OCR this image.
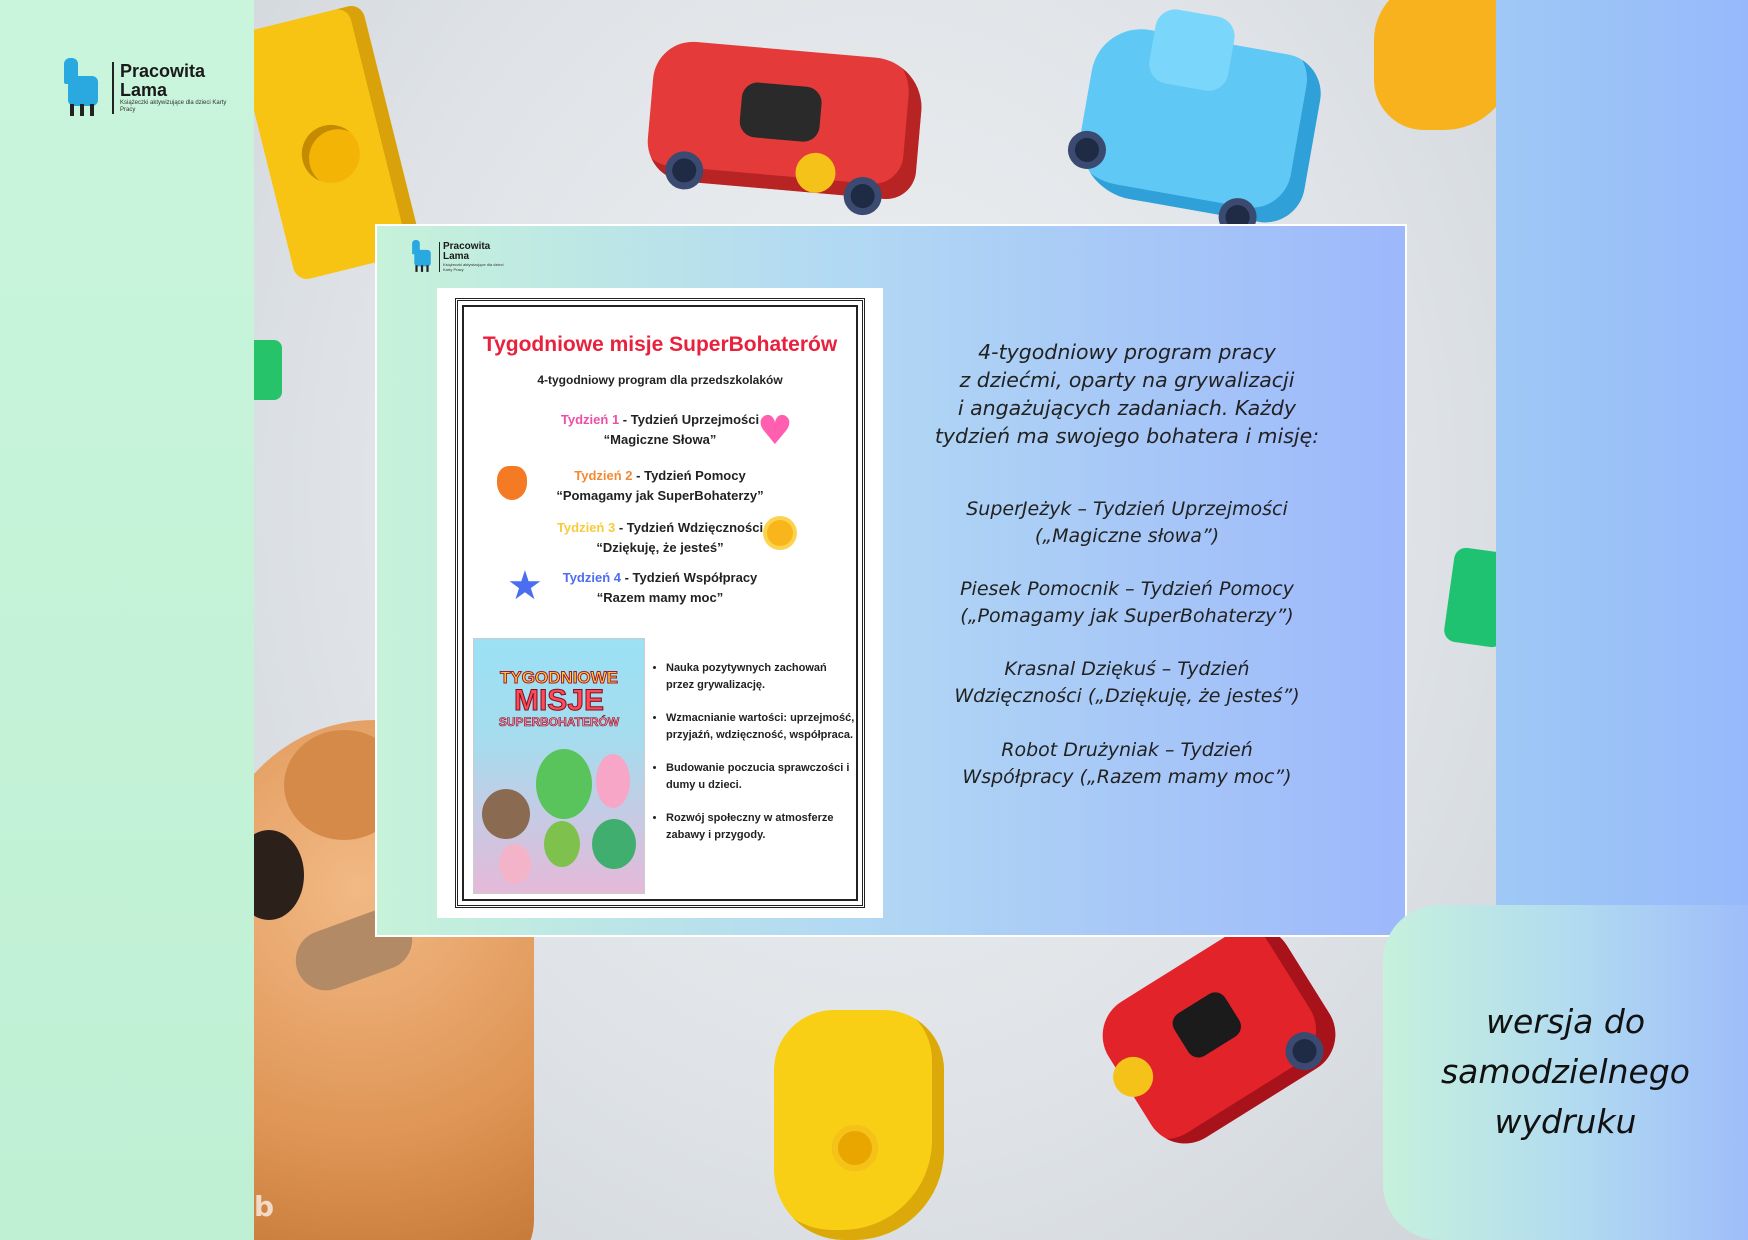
b
Pracowita
Lama
Książeczki aktywizujące dla dzieci Karty Pracy
Pracowita
Lama
Książeczki aktywizujące dla dzieci Karty Pracy
Tygodniowe misje SuperBohaterów
4-tygodniowy program dla przedszkolaków
Tydzień 1 - Tydzień Uprzejmości
“Magiczne Słowa”
Tydzień 2 - Tydzień Pomocy
“Pomagamy jak SuperBohaterzy”
Tydzień 3 - Tydzień Wdzięczności
“Dziękuję, że jesteś”
Tydzień 4 - Tydzień Współpracy
“Razem mamy moc”
♥
★
TYGODNIOWE
MISJE
SUPERBOHATERÓW
• Nauka pozytywnych zachowań przez grywalizację.
• Wzmacnianie wartości: uprzejmość, przyjaźń, wdzięczność, współpraca.
• Budowanie poczucia sprawczości i dumy u dzieci.
• Rozwój społeczny w atmosferze zabawy i przygody.
4-tygodniowy program pracy
z dziećmi, oparty na grywalizacji
i angażujących zadaniach. Każdy
tydzień ma swojego bohatera i misję:
SuperJeżyk – Tydzień Uprzejmości
(„Magiczne słowa”)
Piesek Pomocnik – Tydzień Pomocy
(„Pomagamy jak SuperBohaterzy”)
Krasnal Dziękuś – Tydzień
Wdzięczności („Dziękuję, że jesteś”)
Robot Drużyniak – Tydzień
Współpracy („Razem mamy moc”)
wersja do
samodzielnego
wydruku
